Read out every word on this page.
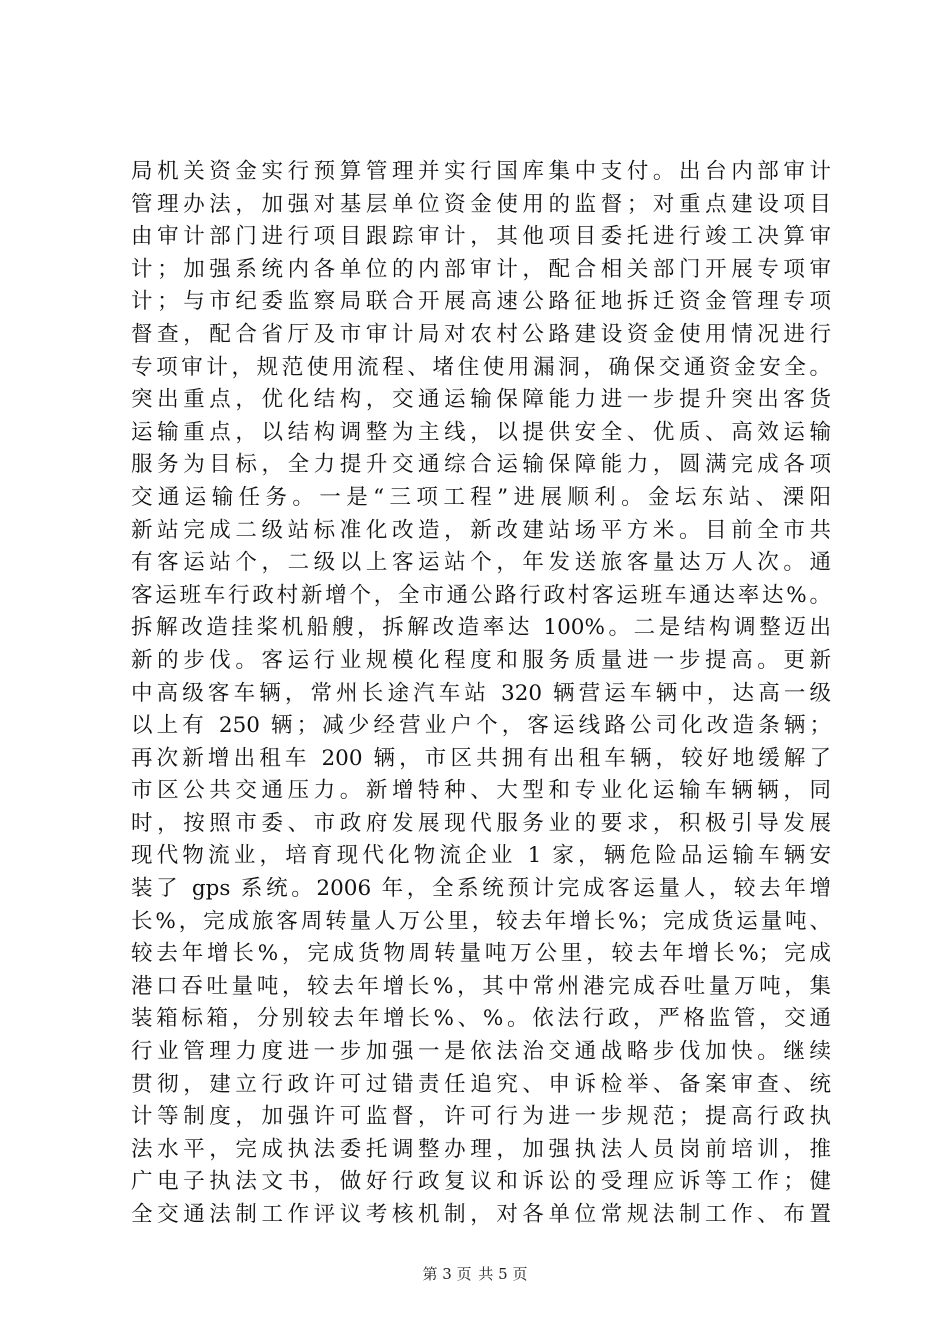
局机关资金实行预算管理并实行国库集中支付。出台内部审计
管理办法，加强对基层单位资金使用的监督；对重点建设项目
由审计部门进行项目跟踪审计，其他项目委托进行竣工决算审
计；加强系统内各单位的内部审计，配合相关部门开展专项审
计；与市纪委监察局联合开展高速公路征地拆迁资金管理专项
督查，配合省厅及市审计局对农村公路建设资金使用情况进行
专项审计，规范使用流程、堵住使用漏洞，确保交通资金安全。
突出重点，优化结构，交通运输保障能力进一步提升突出客货
运输重点，以结构调整为主线，以提供安全、优质、高效运输
服务为目标，全力提升交通综合运输保障能力，圆满完成各项
交通运输任务。一是“三项工程”进展顺利。金坛东站、溧阳
新站完成二级站标准化改造，新改建站场平方米。目前全市共
有客运站个，二级以上客运站个，年发送旅客量达万人次。通
客运班车行政村新增个，全市通公路行政村客运班车通达率达%。
拆解改造挂桨机船艘，拆解改造率达 100%。二是结构调整迈出
新的步伐。客运行业规模化程度和服务质量进一步提高。更新
中高级客车辆，常州长途汽车站 320 辆营运车辆中，达高一级
以上有 250 辆；减少经营业户个，客运线路公司化改造条辆；
再次新增出租车 200 辆，市区共拥有出租车辆，较好地缓解了
市区公共交通压力。新增特种、大型和专业化运输车辆辆，同
时，按照市委、市政府发展现代服务业的要求，积极引导发展
现代物流业，培育现代化物流企业 1 家，辆危险品运输车辆安
装了 gps 系统。2006 年，全系统预计完成客运量人，较去年增
长%，完成旅客周转量人万公里，较去年增长%；完成货运量吨、
较去年增长%，完成货物周转量吨万公里，较去年增长%；完成
港口吞吐量吨，较去年增长%，其中常州港完成吞吐量万吨，集
装箱标箱，分别较去年增长%、%。依法行政，严格监管，交通
行业管理力度进一步加强一是依法治交通战略步伐加快。继续
贯彻，建立行政许可过错责任追究、申诉检举、备案审查、统
计等制度，加强许可监督，许可行为进一步规范；提高行政执
法水平，完成执法委托调整办理，加强执法人员岗前培训，推
广电子执法文书，做好行政复议和诉讼的受理应诉等工作；健
全交通法制工作评议考核机制，对各单位常规法制工作、布置
第 3 页 共 5 页
